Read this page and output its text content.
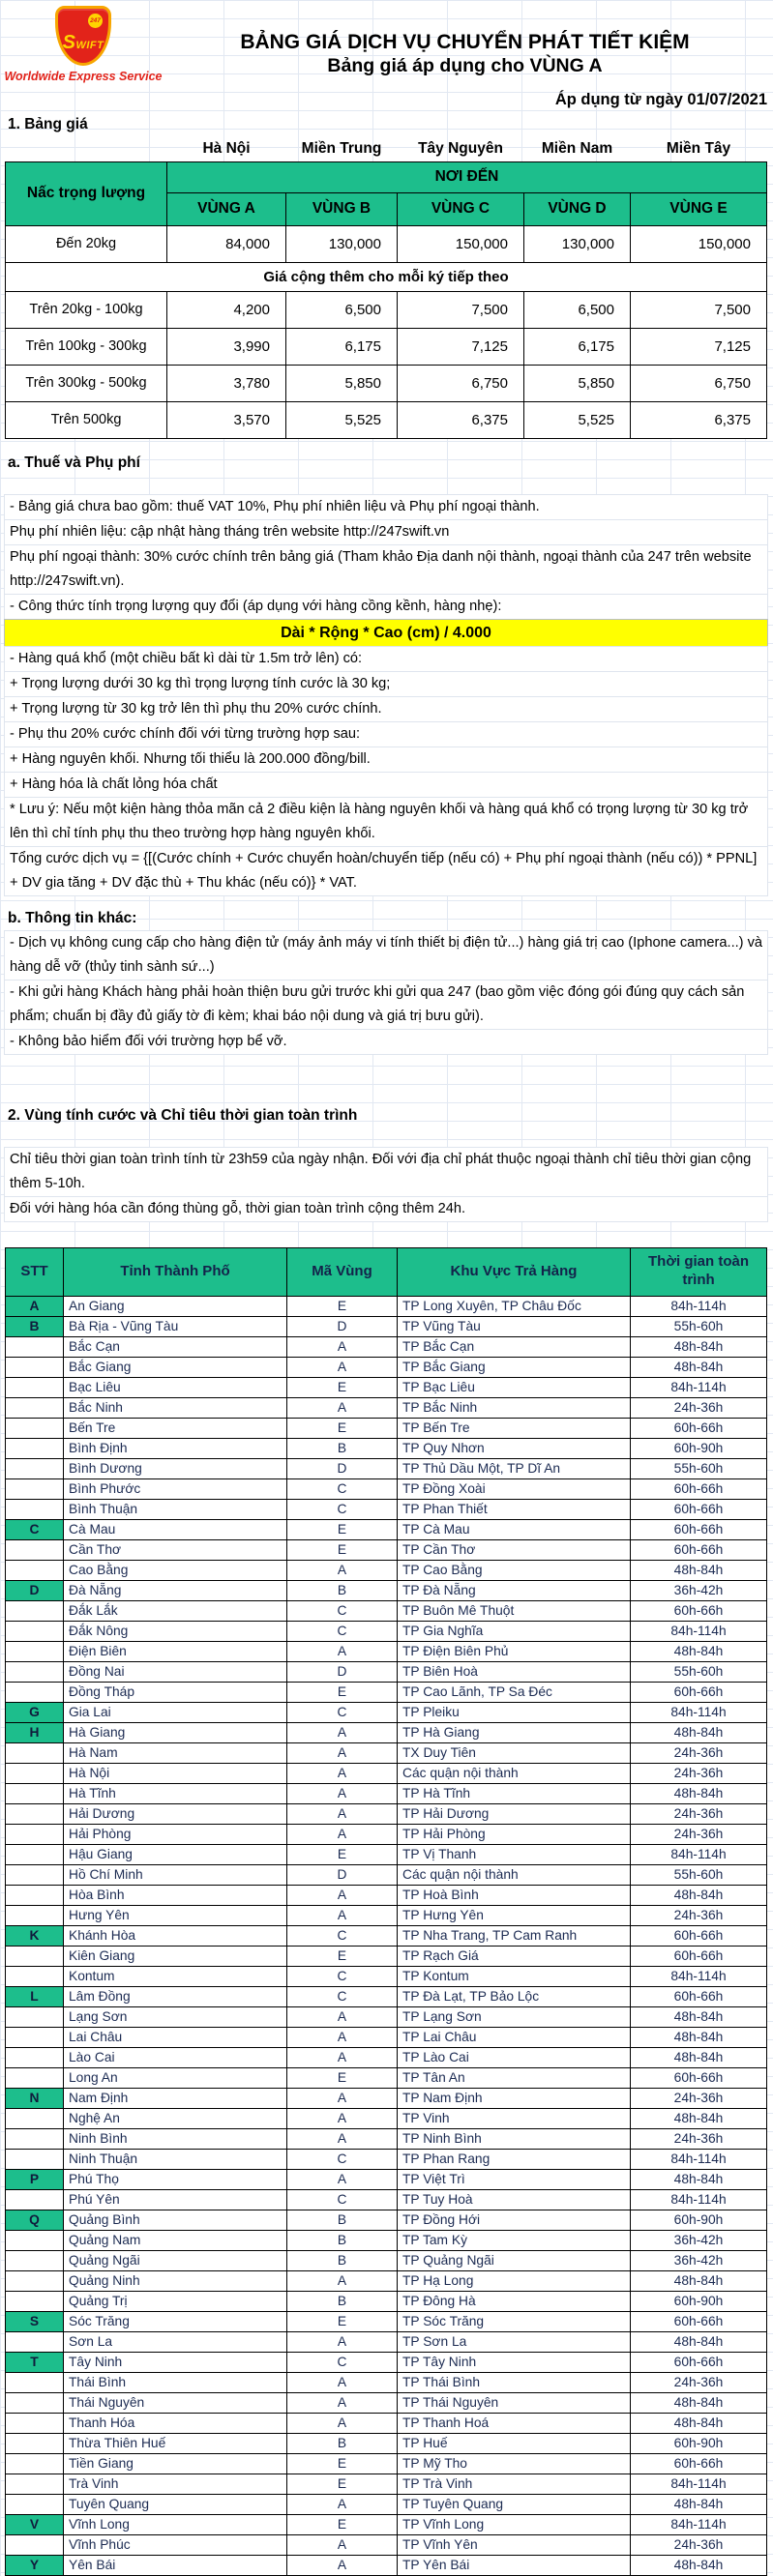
247
SWIFT
Worldwide Express Service
BẢNG GIÁ DỊCH VỤ CHUYỂN PHÁT TIẾT KIỆM
Bảng giá áp dụng cho VÙNG A
Áp dụng từ ngày 01/07/2021
1. Bảng giá
	Hà Nội	Miền Trung	Tây Nguyên	Miền Nam	Miền Tây
Nấc trọng lượng	NƠI ĐẾN				
	VÙNG A	VÙNG B	VÙNG C	VÙNG D	VÙNG E
Đến 20kg	84,000	130,000	150,000	130,000	150,000
Giá cộng thêm cho mỗi ký tiếp theo					
Trên 20kg - 100kg	4,200	6,500	7,500	6,500	7,500
Trên 100kg - 300kg	3,990	6,175	7,125	6,175	7,125
Trên 300kg - 500kg	3,780	5,850	6,750	5,850	6,750
Trên 500kg	3,570	5,525	6,375	5,525	6,375
a. Thuế và Phụ phí
- Bảng giá chưa bao gồm: thuế VAT 10%, Phụ phí nhiên liệu và Phụ phí ngoại thành.
Phụ phí nhiên liệu: cập nhật hàng tháng trên website http://247swift.vn
Phụ phí ngoại thành: 30% cước chính trên bảng giá (Tham khảo Địa danh nội thành, ngoại thành của 247 trên website http://247swift.vn).
- Công thức tính trọng lượng quy đổi (áp dụng với hàng cồng kềnh, hàng nhẹ):
Dài * Rộng * Cao (cm) / 4.000
- Hàng quá khổ (một chiều bất kì dài từ 1.5m trở lên) có:
+ Trọng lượng dưới 30 kg thì trọng lượng tính cước là 30 kg;
+ Trọng lượng từ 30 kg trở lên thì phụ thu 20% cước chính.
- Phụ thu 20% cước chính đối với từng trường hợp sau:
+ Hàng nguyên khối. Nhưng tối thiểu là 200.000 đồng/bill.
+ Hàng hóa là chất lỏng hóa chất
* Lưu ý: Nếu một kiện hàng thỏa mãn cả 2 điều kiện là hàng nguyên khối và hàng quá khổ có trọng lượng từ 30 kg trở lên thì chỉ tính phụ thu theo trường hợp hàng nguyên khối.
Tổng cước dịch vụ = {[(Cước chính + Cước chuyển hoàn/chuyển tiếp (nếu có) + Phụ phí ngoại thành (nếu có)) * PPNL] + DV gia tăng + DV đặc thù + Thu khác (nếu có)} * VAT.
b. Thông tin khác:
- Dịch vụ không cung cấp cho hàng điện tử (máy ảnh máy vi tính thiết bị điện tử...) hàng giá trị cao (Iphone camera...) và hàng dễ vỡ (thủy tinh sành sứ...)
- Khi gửi hàng Khách hàng phải hoàn thiện bưu gửi trước khi gửi qua 247 (bao gồm việc đóng gói đúng quy cách sản phẩm; chuẩn bị đầy đủ giấy tờ đi kèm; khai báo nội dung và giá trị bưu gửi).
- Không bảo hiểm đối với trường hợp bể vỡ.
2. Vùng tính cước và Chỉ tiêu thời gian toàn trình
Chỉ tiêu thời gian toàn trình tính từ 23h59 của ngày nhận. Đối với địa chỉ phát thuộc ngoại thành chỉ tiêu thời gian cộng thêm 5-10h.
Đối với hàng hóa cần đóng thùng gỗ, thời gian toàn trình cộng thêm 24h.
STT	Tỉnh Thành Phố	Mã Vùng	Khu Vực Trả Hàng	Thời gian toàn trình
A	An Giang	E	TP Long Xuyên, TP Châu Đốc	84h-114h
B	Bà Rịa - Vũng Tàu	D	TP Vũng Tàu	55h-60h
	Bắc Cạn	A	TP Bắc Cạn	48h-84h
	Bắc Giang	A	TP Bắc Giang	48h-84h
	Bạc Liêu	E	TP Bạc Liêu	84h-114h
	Bắc Ninh	A	TP Bắc Ninh	24h-36h
	Bến Tre	E	TP Bến Tre	60h-66h
	Bình Định	B	TP Quy Nhơn	60h-90h
	Bình Dương	D	TP Thủ Dầu Một, TP Dĩ An	55h-60h
	Bình Phước	C	TP Đồng Xoài	60h-66h
	Bình Thuận	C	TP Phan Thiết	60h-66h
C	Cà Mau	E	TP Cà Mau	60h-66h
	Cần Thơ	E	TP Cần Thơ	60h-66h
	Cao Bằng	A	TP Cao Bằng	48h-84h
D	Đà Nẵng	B	TP Đà Nẵng	36h-42h
	Đắk Lắk	C	TP Buôn Mê Thuột	60h-66h
	Đắk Nông	C	TP Gia Nghĩa	84h-114h
	Điện Biên	A	TP Điện Biên Phủ	48h-84h
	Đồng Nai	D	TP Biên Hoà	55h-60h
	Đồng Tháp	E	TP Cao Lãnh, TP Sa Đéc	60h-66h
G	Gia Lai	C	TP Pleiku	84h-114h
H	Hà Giang	A	TP Hà Giang	48h-84h
	Hà Nam	A	TX Duy Tiên	24h-36h
	Hà Nội	A	Các quận nội thành	24h-36h
	Hà Tĩnh	A	TP Hà Tĩnh	48h-84h
	Hải Dương	A	TP Hải Dương	24h-36h
	Hải Phòng	A	TP Hải Phòng	24h-36h
	Hậu Giang	E	TP Vị Thanh	84h-114h
	Hồ Chí Minh	D	Các quận nội thành	55h-60h
	Hòa Bình	A	TP Hoà Bình	48h-84h
	Hưng Yên	A	TP Hưng Yên	24h-36h
K	Khánh Hòa	C	TP Nha Trang, TP Cam Ranh	60h-66h
	Kiên Giang	E	TP Rạch Giá	60h-66h
	Kontum	C	TP Kontum	84h-114h
L	Lâm Đồng	C	TP Đà Lạt, TP Bảo Lộc	60h-66h
	Lạng Sơn	A	TP Lạng Sơn	48h-84h
	Lai Châu	A	TP Lai Châu	48h-84h
	Lào Cai	A	TP Lào Cai	48h-84h
	Long An	E	TP Tân An	60h-66h
N	Nam Định	A	TP Nam Định	24h-36h
	Nghệ An	A	TP Vinh	48h-84h
	Ninh Bình	A	TP Ninh Bình	24h-36h
	Ninh Thuận	C	TP Phan Rang	84h-114h
P	Phú Thọ	A	TP Việt Trì	48h-84h
	Phú Yên	C	TP Tuy Hoà	84h-114h
Q	Quảng Bình	B	TP Đồng Hới	60h-90h
	Quảng Nam	B	TP Tam Kỳ	36h-42h
	Quảng Ngãi	B	TP Quảng Ngãi	36h-42h
	Quảng Ninh	A	TP Hạ Long	48h-84h
	Quảng Trị	B	TP Đông Hà	60h-90h
S	Sóc Trăng	E	TP Sóc Trăng	60h-66h
	Sơn La	A	TP Sơn La	48h-84h
T	Tây Ninh	C	TP Tây Ninh	60h-66h
	Thái Bình	A	TP Thái Bình	24h-36h
	Thái Nguyên	A	TP Thái Nguyên	48h-84h
	Thanh Hóa	A	TP Thanh Hoá	48h-84h
	Thừa Thiên Huế	B	TP Huế	60h-90h
	Tiền Giang	E	TP Mỹ Tho	60h-66h
	Trà Vinh	E	TP Trà Vinh	84h-114h
	Tuyên Quang	A	TP Tuyên Quang	48h-84h
V	Vĩnh Long	E	TP Vĩnh Long	84h-114h
	Vĩnh Phúc	A	TP Vĩnh Yên	24h-36h
Y	Yên Bái	A	TP Yên Bái	48h-84h
